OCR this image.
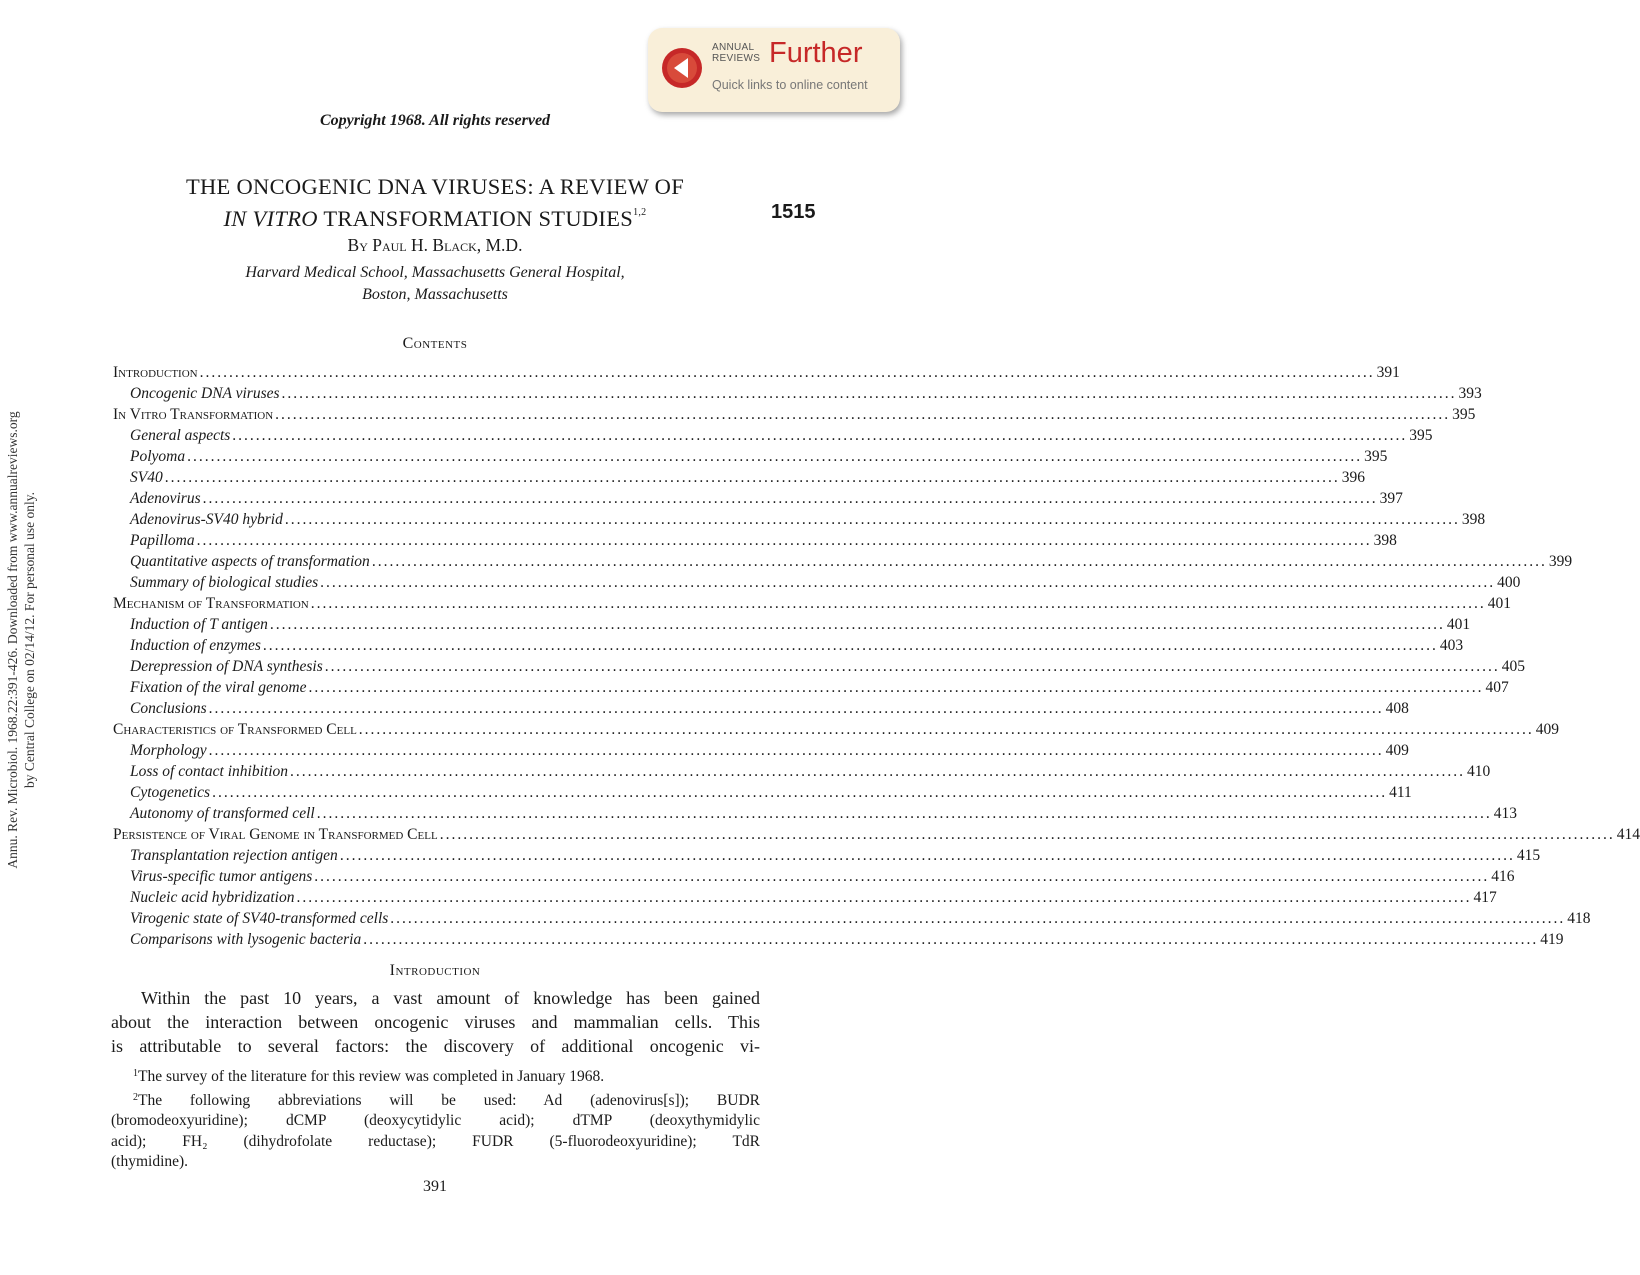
Annu. Rev. Microbiol. 1968.22:391-426. Downloaded from www.annualreviews.org by Central College on 02/14/12. For personal use only.
ANNUAL
REVIEWS Further
Quick links to online content
Copyright 1968. All rights reserved
THE ONCOGENIC DNA VIRUSES: A REVIEW OF
IN VITRO TRANSFORMATION STUDIES$^{1,2}$	1515
By Paul H. Black, M.D.
Harvard Medical School, Massachusetts General Hospital,
Boston, Massachusetts
Contents
Introduction ........................................................................................................................................................................................................ 391
Oncogenic DNA viruses ........................................................................................................................................................................................................ 393
In Vitro Transformation ........................................................................................................................................................................................................ 395
General aspects ........................................................................................................................................................................................................ 395
Polyoma ........................................................................................................................................................................................................ 395
SV40 ........................................................................................................................................................................................................ 396
Adenovirus ........................................................................................................................................................................................................ 397
Adenovirus-SV40 hybrid ........................................................................................................................................................................................................ 398
Papilloma ........................................................................................................................................................................................................ 398
Quantitative aspects of transformation ........................................................................................................................................................................................................ 399
Summary of biological studies ........................................................................................................................................................................................................ 400
Mechanism of Transformation ........................................................................................................................................................................................................ 401
Induction of T antigen ........................................................................................................................................................................................................ 401
Induction of enzymes ........................................................................................................................................................................................................ 403
Derepression of DNA synthesis ........................................................................................................................................................................................................ 405
Fixation of the viral genome ........................................................................................................................................................................................................ 407
Conclusions ........................................................................................................................................................................................................ 408
Characteristics of Transformed Cell ........................................................................................................................................................................................................ 409
Morphology ........................................................................................................................................................................................................ 409
Loss of contact inhibition ........................................................................................................................................................................................................ 410
Cytogenetics ........................................................................................................................................................................................................ 411
Autonomy of transformed cell ........................................................................................................................................................................................................ 413
Persistence of Viral Genome in Transformed Cell ........................................................................................................................................................................................................ 414
Transplantation rejection antigen ........................................................................................................................................................................................................ 415
Virus-specific tumor antigens ........................................................................................................................................................................................................ 416
Nucleic acid hybridization ........................................................................................................................................................................................................ 417
Virogenic state of SV40-transformed cells ........................................................................................................................................................................................................ 418
Comparisons with lysogenic bacteria ........................................................................................................................................................................................................ 419
Introduction
Within the past 10 years, a vast amount of knowledge has been gained
about the interaction between oncogenic viruses and mammalian cells. This
is attributable to several factors: the discovery of additional oncogenic vi-
$^1$The survey of the literature for this review was completed in January 1968.
$^2$The following abbreviations will be used: Ad (adenovirus[s]); BUDR
(bromodeoxyuridine); dCMP (deoxycytidylic acid); dTMP (deoxythymidylic
acid); FH₂ (dihydrofolate reductase); FUDR (5-fluorodeoxyuridine); TdR
(thymidine).
391
